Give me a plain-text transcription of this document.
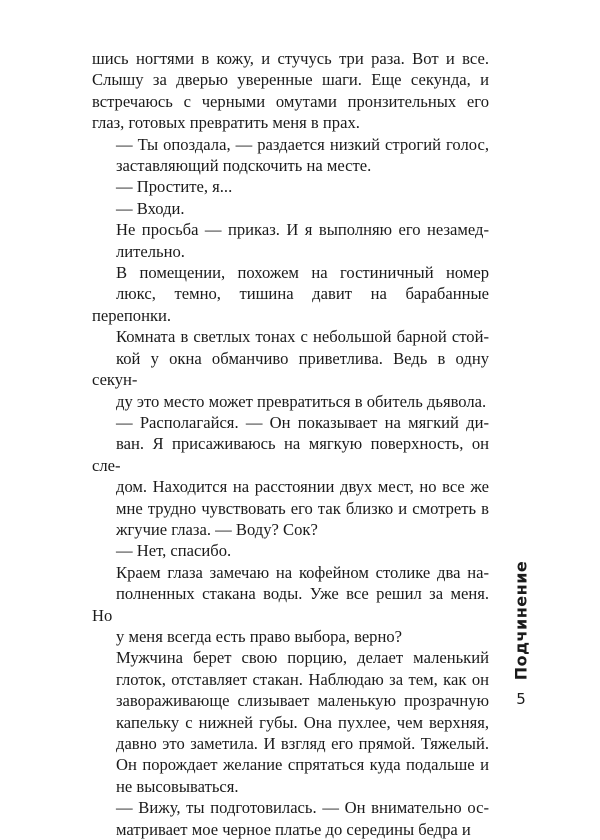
шись ногтями в кожу, и стучусь три раза. Вот и все.
Слышу за дверью уверенные шаги. Еще секунда, и
встречаюсь с черными омутами пронзительных его
глаз, готовых превратить меня в прах.

— Ты опоздала, — раздается низкий строгий голос,
заставляющий подскочить на месте.

— Простите, я...

— Входи.

Не просьба — приказ. И я выполняю его незамед-
лительно.

В помещении, похожем на гостиничный номер
люкс, темно, тишина давит на барабанные перепонки.
Комната в светлых тонах с небольшой барной стой-
кой у окна обманчиво приветлива. Ведь в одну секун-
ду это место может превратиться в обитель дьявола.

— Располагайся. — Он показывает на мягкий ди-
ван. Я присаживаюсь на мягкую поверхность, он сле-
дом. Находится на расстоянии двух мест, но все же
мне трудно чувствовать его так близко и смотреть в
жгучие глаза. — Воду? Сок?

— Нет, спасибо.

Краем глаза замечаю на кофейном столике два на-
полненных стакана воды. Уже все решил за меня. Но
у меня всегда есть право выбора, верно?

Мужчина берет свою порцию, делает маленький
глоток, отставляет стакан. Наблюдаю за тем, как он
завораживающе слизывает маленькую прозрачную
капельку с нижней губы. Она пухлее, чем верхняя,
давно это заметила. И взгляд его прямой. Тяжелый.
Он порождает желание спрятаться куда подальше и
не высовываться.

— Вижу, ты подготовилась. — Он внимательно ос-
матривает мое черное платье до середины бедра и

Подчинение
5
